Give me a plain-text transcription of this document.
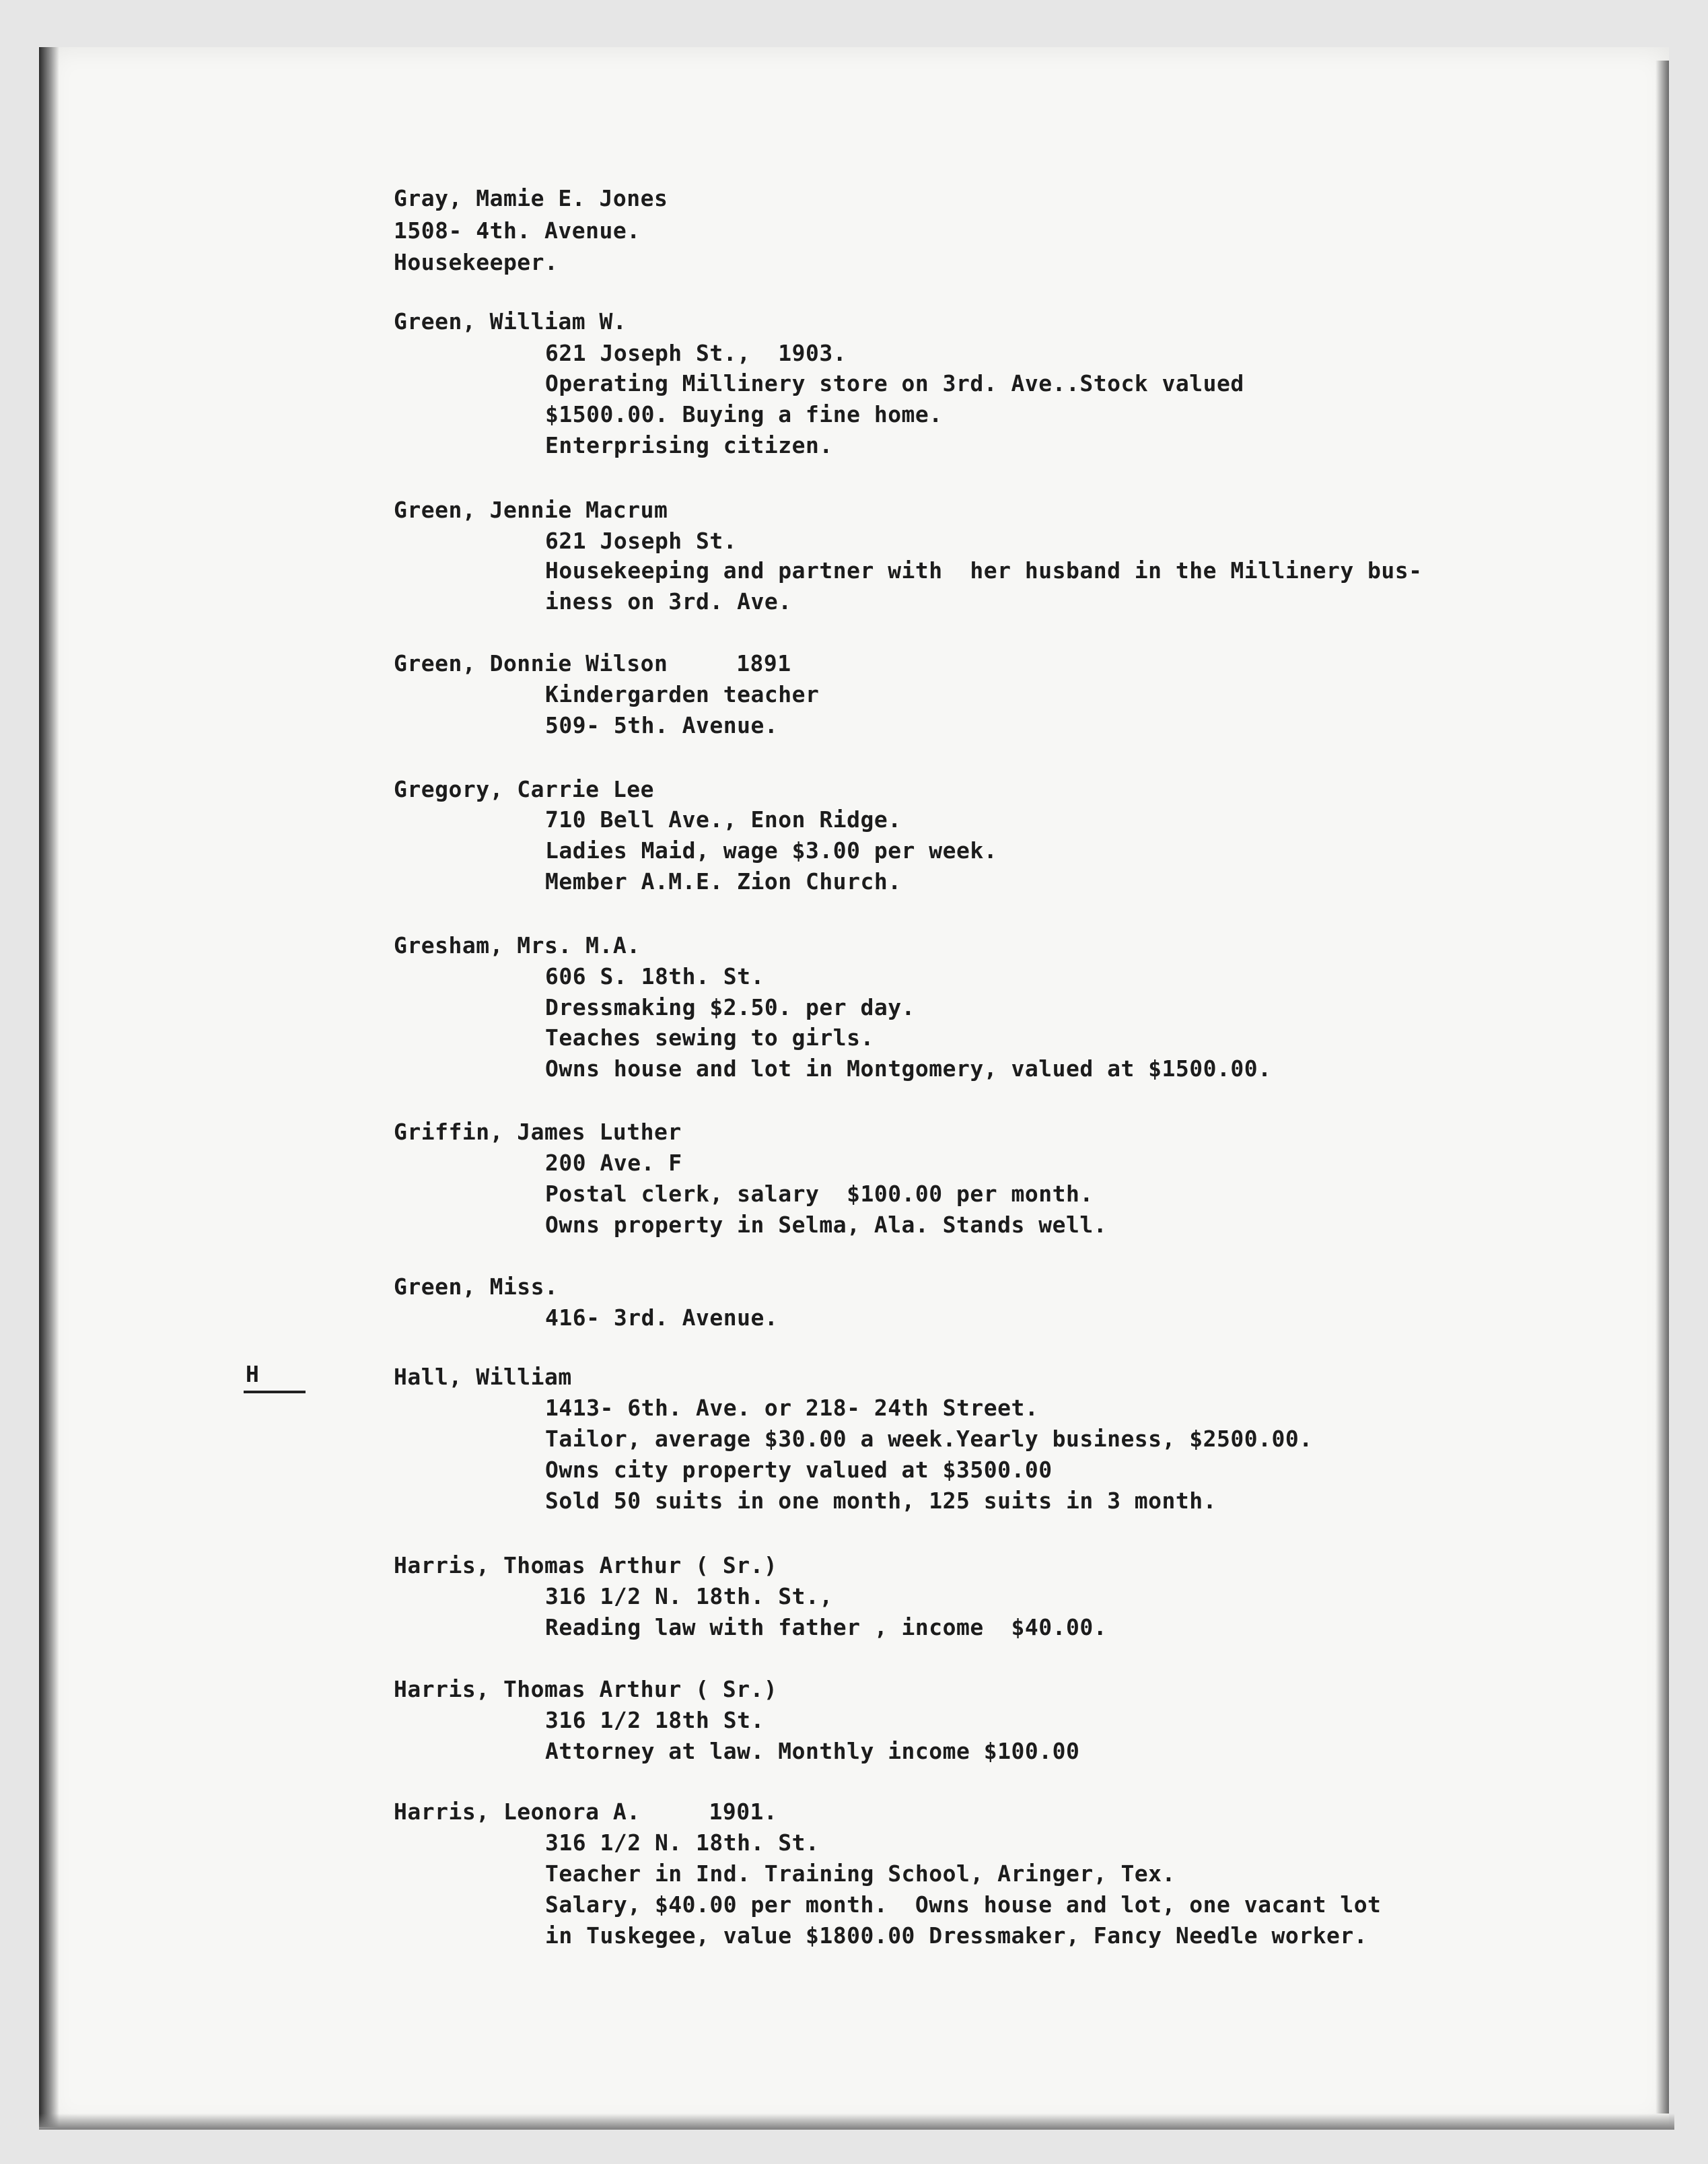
Gray, Mamie E. Jones
1508- 4th. Avenue.
Housekeeper.
Green, William W.
621 Joseph St.,  1903.
Operating Millinery store on 3rd. Ave..Stock valued
$1500.00. Buying a fine home.
Enterprising citizen.
Green, Jennie Macrum
621 Joseph St.
Housekeeping and partner with  her husband in the Millinery bus-
iness on 3rd. Ave.
Green, Donnie Wilson     1891
Kindergarden teacher
509- 5th. Avenue.
Gregory, Carrie Lee
710 Bell Ave., Enon Ridge.
Ladies Maid, wage $3.00 per week.
Member A.M.E. Zion Church.
Gresham, Mrs. M.A.
606 S. 18th. St.
Dressmaking $2.50. per day.
Teaches sewing to girls.
Owns house and lot in Montgomery, valued at $1500.00.
Griffin, James Luther
200 Ave. F
Postal clerk, salary  $100.00 per month.
Owns property in Selma, Ala. Stands well.
Green, Miss.
416- 3rd. Avenue.
H	Hall, William
1413- 6th. Ave. or 218- 24th Street.
Tailor, average $30.00 a week.Yearly business, $2500.00.
Owns city property valued at $3500.00
Sold 50 suits in one month, 125 suits in 3 month.
Harris, Thomas Arthur ( Sr.)
316 1/2 N. 18th. St.,
Reading law with father , income  $40.00.
Harris, Thomas Arthur ( Sr.)
316 1/2 18th St.
Attorney at law. Monthly income $100.00
Harris, Leonora A.     1901.
316 1/2 N. 18th. St.
Teacher in Ind. Training School, Aringer, Tex.
Salary, $40.00 per month.  Owns house and lot, one vacant lot
in Tuskegee, value $1800.00 Dressmaker, Fancy Needle worker.
